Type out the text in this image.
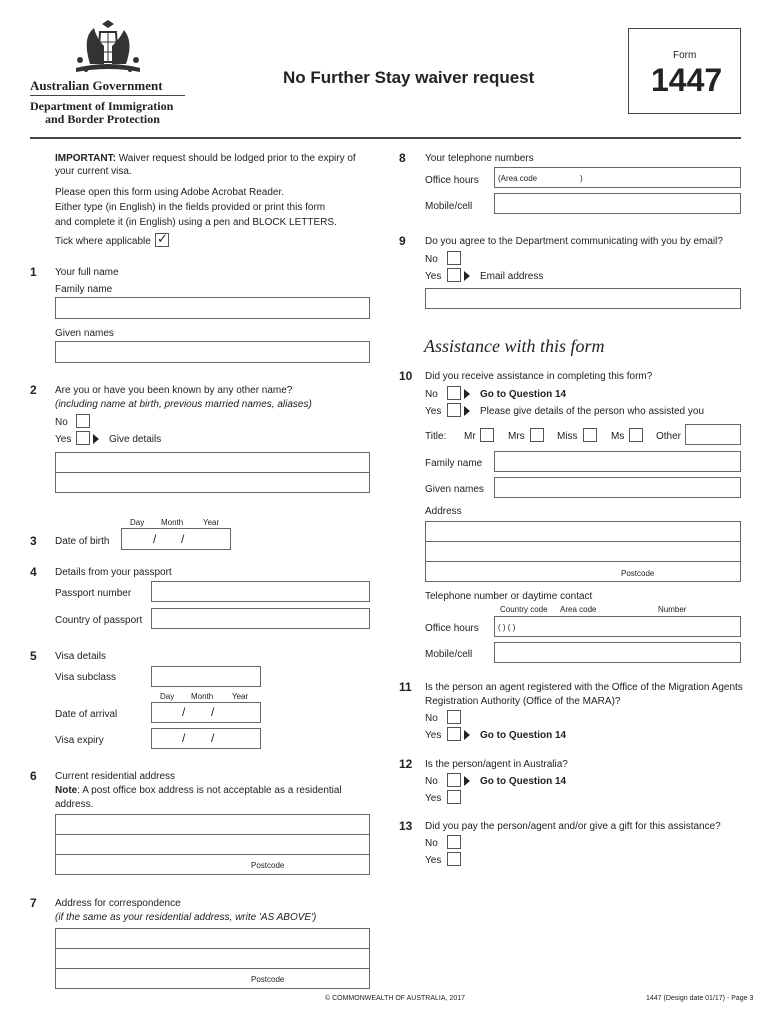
Australian Government
Department of Immigration
and Border Protection
No Further Stay waiver request
Form
1447
IMPORTANT: Waiver request should be lodged prior to the expiry of
your current visa.
Please open this form using Adobe Acrobat Reader.
Either type (in English) in the fields provided or print this form
and complete it (in English) using a pen and BLOCK LETTERS.
Tick where applicable ✓
1 Your full name
Family name
Given names
2 Are you or have you been known by any other name?
(including name at birth, previous married names, aliases)
No
Yes	Give details
Day Month Year
3 Date of birth	/ /
4 Details from your passport
Passport number
Country of passport
5 Visa details
Visa subclass
Day Month Year
Date of arrival	/ /
Visa expiry	/ /
6 Current residential address
Note: A post office box address is not acceptable as a residential
address.
Postcode
7 Address for correspondence
(if the same as your residential address, write 'AS ABOVE')
Postcode
8 Your telephone numbers
Office hours (Area code	)
Mobile/cell
9 Do you agree to the Department communicating with you by email?
No
Yes	Email address
Assistance with this form
10 Did you receive assistance in completing this form?
No	Go to Question 14
Yes	Please give details of the person who assisted you
Title: Mr	Mrs	Miss	Ms	Other
Family name
Given names
Address
Postcode
Telephone number or daytime contact
Country code Area code	Number
Office hours ( ) ( )
Mobile/cell
11 Is the person an agent registered with the Office of the Migration Agents
Registration Authority (Office of the MARA)?
No
Yes	Go to Question 14
12 Is the person/agent in Australia?
No	Go to Question 14
Yes
13 Did you pay the person/agent and/or give a gift for this assistance?
No
Yes
© COMMONWEALTH OF AUSTRALIA, 2017	1447 (Design date 01/17) - Page 3
